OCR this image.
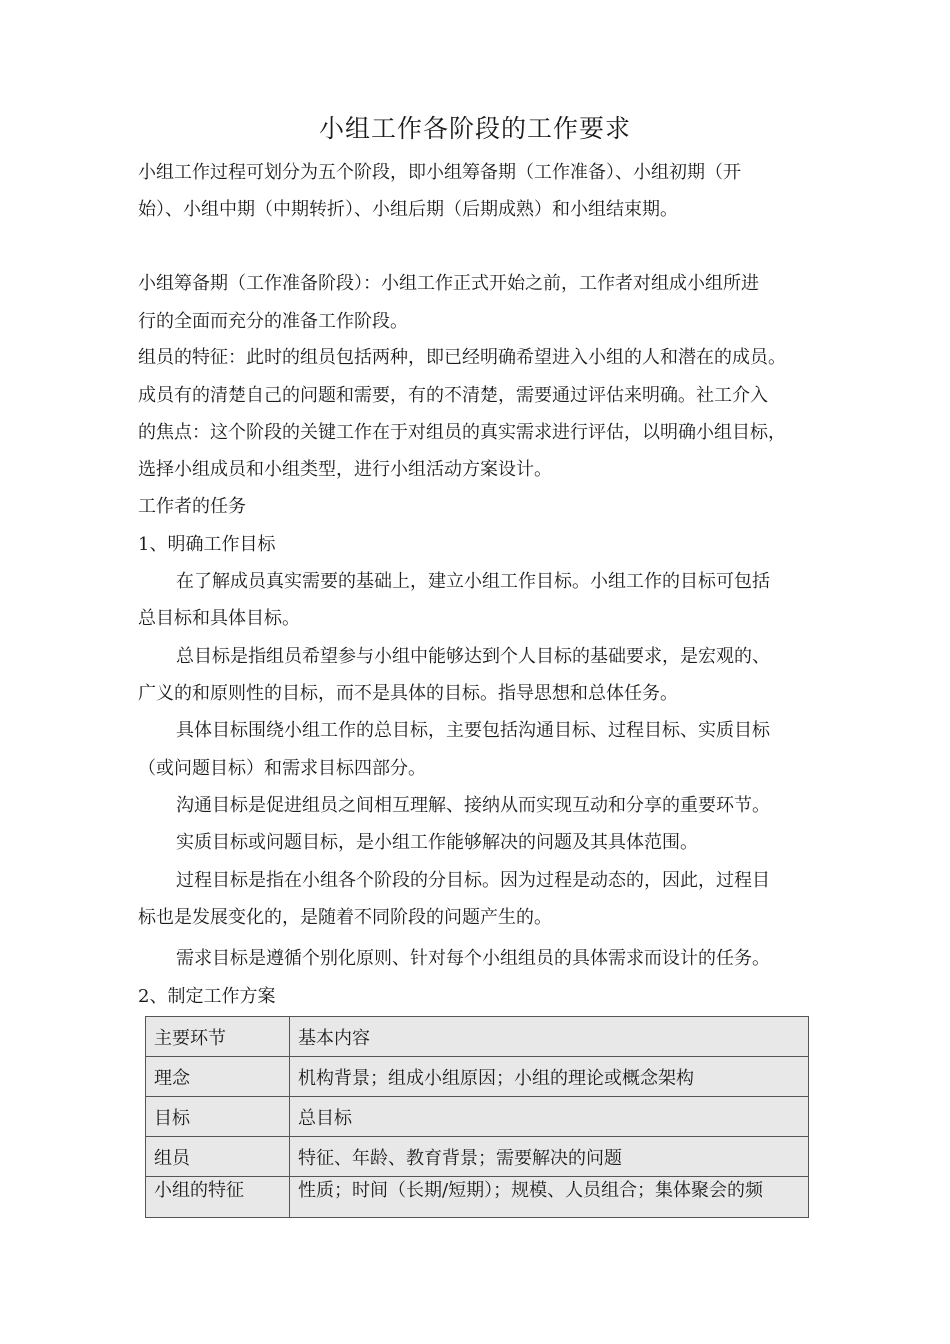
小组工作各阶段的工作要求
小组工作过程可划分为五个阶段，即小组筹备期（工作准备）、小组初期（开
始）、小组中期（中期转折）、小组后期（后期成熟）和小组结束期。
小组筹备期（工作准备阶段）：小组工作正式开始之前，工作者对组成小组所进
行的全面而充分的准备工作阶段。
组员的特征：此时的组员包括两种，即已经明确希望进入小组的人和潜在的成员。
成员有的清楚自己的问题和需要，有的不清楚，需要通过评估来明确。社工介入
的焦点：这个阶段的关键工作在于对组员的真实需求进行评估，以明确小组目标，
选择小组成员和小组类型，进行小组活动方案设计。
工作者的任务
1、明确工作目标
在了解成员真实需要的基础上，建立小组工作目标。小组工作的目标可包括
总目标和具体目标。
总目标是指组员希望参与小组中能够达到个人目标的基础要求，是宏观的、
广义的和原则性的目标，而不是具体的目标。指导思想和总体任务。
具体目标围绕小组工作的总目标，主要包括沟通目标、过程目标、实质目标
（或问题目标）和需求目标四部分。
沟通目标是促进组员之间相互理解、接纳从而实现互动和分享的重要环节。
实质目标或问题目标，是小组工作能够解决的问题及其具体范围。
过程目标是指在小组各个阶段的分目标。因为过程是动态的，因此，过程目
标也是发展变化的，是随着不同阶段的问题产生的。
需求目标是遵循个别化原则、针对每个小组组员的具体需求而设计的任务。
2、制定工作方案
主要环节	基本内容
理念	机构背景；组成小组原因；小组的理论或概念架构
目标	总目标
组员	特征、年龄、教育背景；需要解决的问题
小组的特征	性质；时间（长期/短期）；规模、人员组合；集体聚会的频
